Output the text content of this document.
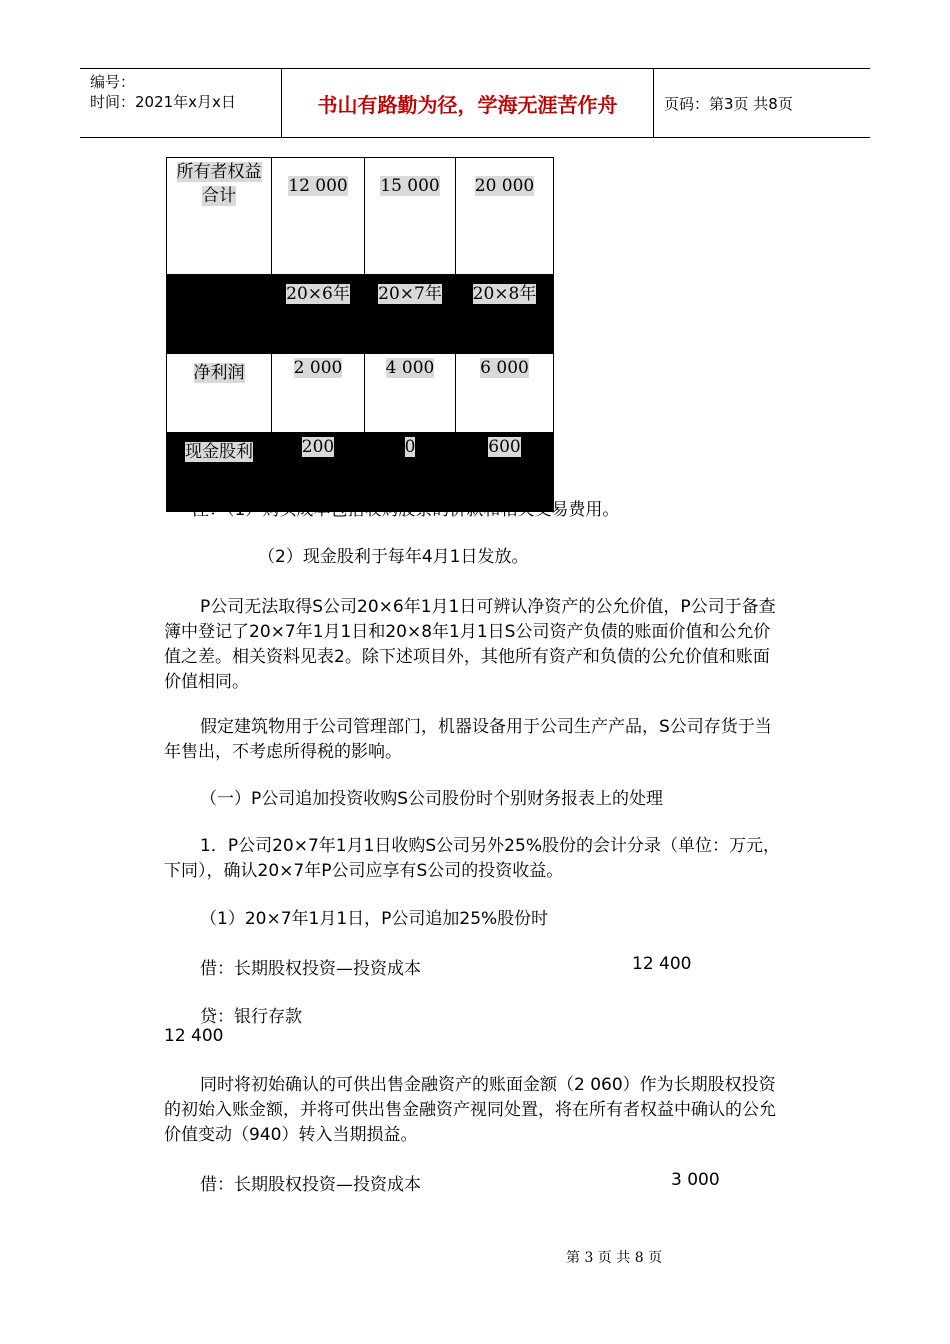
编号：
时间：2021年x月x日	书山有路勤为径，学海无涯苦作舟	页码：第3页 共8页
所有者权益合计	12 000	15 000	20 000
	20×6年	20×7年	20×8年
净利润	2 000	4 000	6 000
现金股利	200	0	600

注：（1）购买成本包括收购股票的价款和相关交易费用。

（2）现金股利于每年4月1日发放。

P公司无法取得S公司20×6年1月1日可辨认净资产的公允价值，P公司于备查簿中登记了20×7年1月1日和20×8年1月1日S公司资产负债的账面价值和公允价值之差。相关资料见表2。除下述项目外，其他所有资产和负债的公允价值和账面价值相同。

假定建筑物用于公司管理部门，机器设备用于公司生产产品，S公司存货于当年售出，不考虑所得税的影响。

（一）P公司追加投资收购S公司股份时个别财务报表上的处理

1．P公司20×7年1月1日收购S公司另外25%股份的会计分录（单位：万元，下同），确认20×7年P公司应享有S公司的投资收益。

（1）20×7年1月1日，P公司追加25%股份时

借：长期股权投资—投资成本	12 400
贷：银行存款
12 400

同时将初始确认的可供出售金融资产的账面金额（2 060）作为长期股权投资的初始入账金额，并将可供出售金融资产视同处置，将在所有者权益中确认的公允价值变动（940）转入当期损益。

借：长期股权投资—投资成本	3 000
第 3 页 共 8 页
